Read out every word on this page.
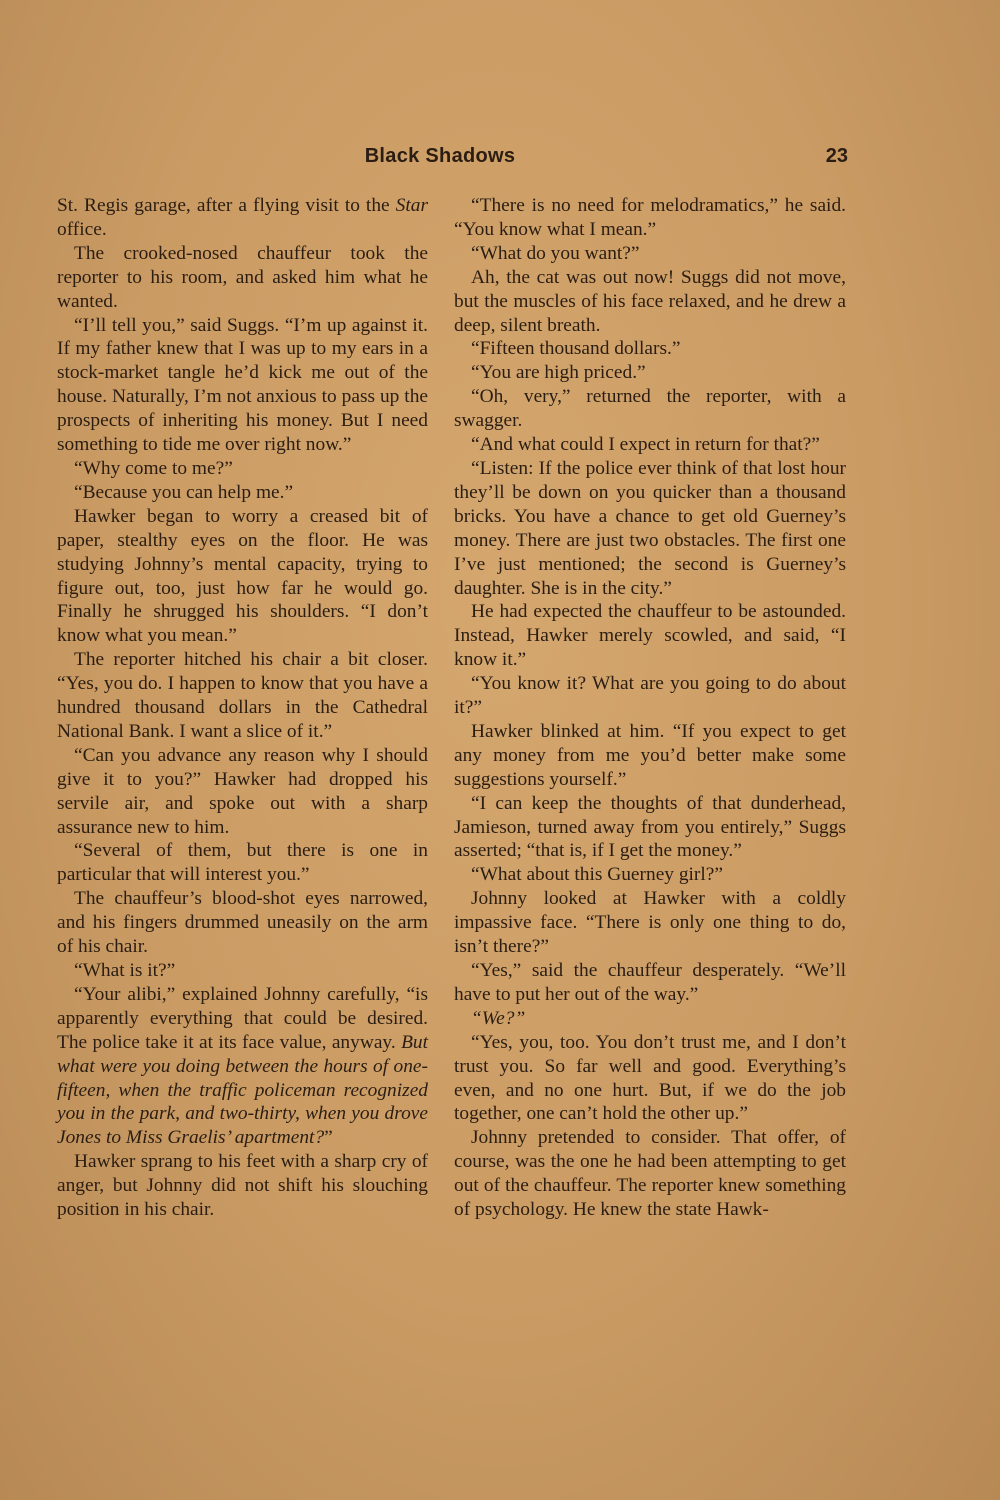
Black Shadows	23

St. Regis garage, after a flying visit to the Star office.

The crooked-nosed chauffeur took the reporter to his room, and asked him what he wanted.

“I’ll tell you,” said Suggs. “I’m up against it. If my father knew that I was up to my ears in a stock-market tangle he’d kick me out of the house. Naturally, I’m not anxious to pass up the prospects of inheriting his money. But I need something to tide me over right now.”

“Why come to me?”

“Because you can help me.”

Hawker began to worry a creased bit of paper, stealthy eyes on the floor. He was studying Johnny’s mental capacity, trying to figure out, too, just how far he would go. Finally he shrugged his shoulders. “I don’t know what you mean.”

The reporter hitched his chair a bit closer. “Yes, you do. I happen to know that you have a hundred thousand dollars in the Cathedral National Bank. I want a slice of it.”

“Can you advance any reason why I should give it to you?” Hawker had dropped his servile air, and spoke out with a sharp assurance new to him.

“Several of them, but there is one in particular that will interest you.”

The chauffeur’s blood-shot eyes narrowed, and his fingers drummed uneasily on the arm of his chair.

“What is it?”

“Your alibi,” explained Johnny carefully, “is apparently everything that could be desired. The police take it at its face value, anyway. But what were you doing between the hours of one-fifteen, when the traffic policeman recognized you in the park, and two-thirty, when you drove Jones to Miss Graelis’ apartment?”

Hawker sprang to his feet with a sharp cry of anger, but Johnny did not shift his slouching position in his chair.

“There is no need for melodramatics,” he said. “You know what I mean.”

“What do you want?”

Ah, the cat was out now! Suggs did not move, but the muscles of his face relaxed, and he drew a deep, silent breath.

“Fifteen thousand dollars.”

“You are high priced.”

“Oh, very,” returned the reporter, with a swagger.

“And what could I expect in return for that?”

“Listen: If the police ever think of that lost hour they’ll be down on you quicker than a thousand bricks. You have a chance to get old Guerney’s money. There are just two obstacles. The first one I’ve just mentioned; the second is Guerney’s daughter. She is in the city.”

He had expected the chauffeur to be astounded. Instead, Hawker merely scowled, and said, “I know it.”

“You know it? What are you going to do about it?”

Hawker blinked at him. “If you expect to get any money from me you’d better make some suggestions yourself.”

“I can keep the thoughts of that dunderhead, Jamieson, turned away from you entirely,” Suggs asserted; “that is, if I get the money.”

“What about this Guerney girl?”

Johnny looked at Hawker with a coldly impassive face. “There is only one thing to do, isn’t there?”

“Yes,” said the chauffeur desperately. “We’ll have to put her out of the way.”

“We?”

“Yes, you, too. You don’t trust me, and I don’t trust you. So far well and good. Everything’s even, and no one hurt. But, if we do the job together, one can’t hold the other up.”

Johnny pretended to consider. That offer, of course, was the one he had been attempting to get out of the chauffeur. The reporter knew something of psychology. He knew the state Hawk-
